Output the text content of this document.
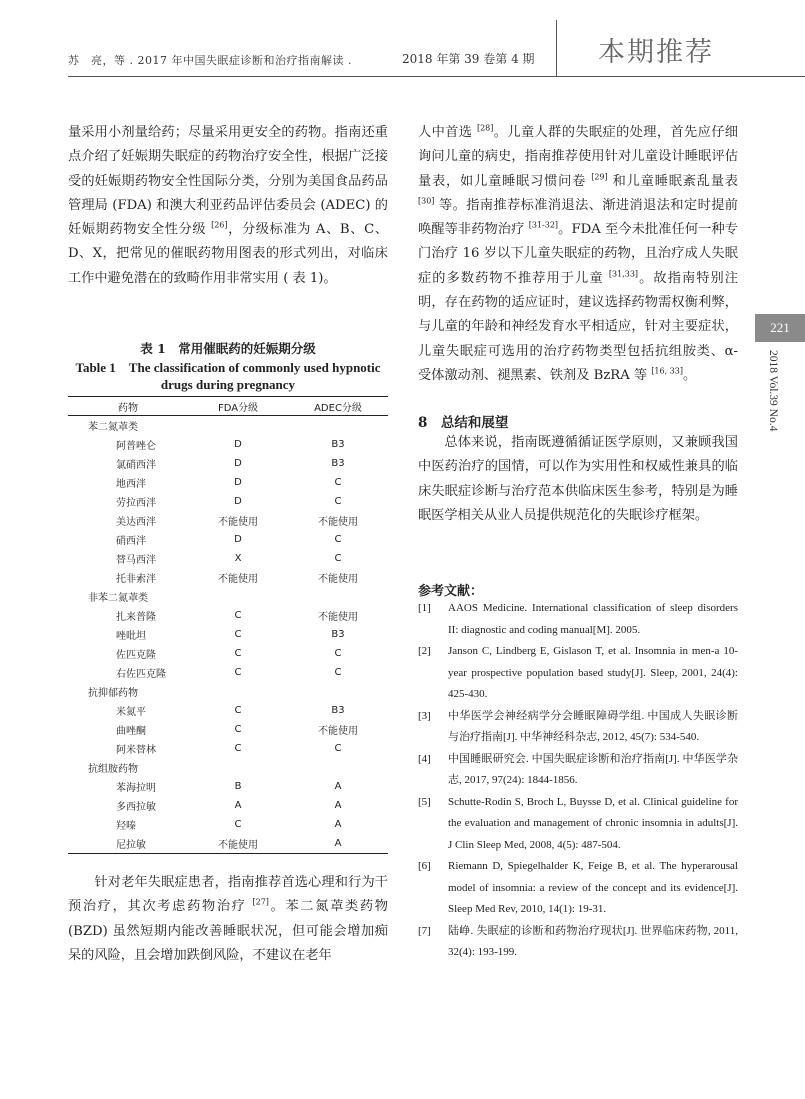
苏　亮，等 . 2017 年中国失眠症诊断和治疗指南解读 .	2018 年第 39 卷第 4 期 本期推荐

量采用小剂量给药；尽量采用更安全的药物。指南还重点介绍了妊娠期失眠症的药物治疗安全性，根据广泛接受的妊娠期药物安全性国际分类，分别为美国食品药品管理局 (FDA) 和澳大利亚药品评估委员会 (ADEC) 的妊娠期药物安全性分级 [26]，分级标准为 A、B、C、D、X，把常见的催眠药物用图表的形式列出，对临床工作中避免潜在的致畸作用非常实用 ( 表 1)。

表 1　常用催眠药的妊娠期分级
Table 1　The classification of commonly used hypnotic drugs during pregnancy
药物	FDA分级	ADEC分级
苯二氮䓬类		
阿普唑仑	D	B3
氯硝西泮	D	B3
地西泮	D	C
劳拉西泮	D	C
美达西泮	不能使用	不能使用
硝西泮	D	C
替马西泮	X	C
托非索泮	不能使用	不能使用
非苯二氮䓬类		
扎来普隆	C	不能使用
唑吡坦	C	B3
佐匹克隆	C	C
右佐匹克隆	C	C
抗抑郁药物		
米氮平	C	B3
曲唑酮	C	不能使用
阿米替林	C	C
抗组胺药物		
苯海拉明	B	A
多西拉敏	A	A
羟嗪	C	A
尼拉敏	不能使用	A

针对老年失眠症患者，指南推荐首选心理和行为干预治疗，其次考虑药物治疗 [27]。苯二氮䓬类药物 (BZD) 虽然短期内能改善睡眠状况，但可能会增加痴呆的风险，且会增加跌倒风险，不建议在老年

人中首选 [28]。儿童人群的失眠症的处理，首先应仔细询问儿童的病史，指南推荐使用针对儿童设计睡眠评估量表，如儿童睡眠习惯问卷 [29] 和儿童睡眠紊乱量表 [30] 等。指南推荐标准消退法、渐进消退法和定时提前唤醒等非药物治疗 [31-32]。FDA 至今未批准任何一种专门治疗 16 岁以下儿童失眠症的药物，且治疗成人失眠症的多数药物不推荐用于儿童 [31,33]。故指南特别注明，存在药物的适应证时，建议选择药物需权衡利弊，与儿童的年龄和神经发育水平相适应，针对主要症状，儿童失眠症可选用的治疗药物类型包括抗组胺类、α- 受体激动剂、褪黑素、铁剂及 BzRA 等 [16, 33]。

8　总结和展望

总体来说，指南既遵循循证医学原则，又兼顾我国中医药治疗的国情，可以作为实用性和权威性兼具的临床失眠症诊断与治疗范本供临床医生参考，特别是为睡眠医学相关从业人员提供规范化的失眠诊疗框架。

参考文献：
[1]	AAOS Medicine. International classification of sleep disorders II: diagnostic and coding manual[M]. 2005.
[2]	Janson C, Lindberg E, Gislason T, et al. Insomnia in men-a 10-year prospective population based study[J]. Sleep, 2001, 24(4): 425-430.
[3]	中华医学会神经病学分会睡眠障碍学组. 中国成人失眠诊断与治疗指南[J]. 中华神经科杂志, 2012, 45(7): 534-540.
[4]	中国睡眠研究会. 中国失眠症诊断和治疗指南[J]. 中华医学杂志, 2017, 97(24): 1844-1856.
[5]	Schutte-Rodin S, Broch L, Buysse D, et al. Clinical guideline for the evaluation and management of chronic insomnia in adults[J]. J Clin Sleep Med, 2008, 4(5): 487-504.
[6]	Riemann D, Spiegelhalder K, Feige B, et al. The hyperarousal model of insomnia: a review of the concept and its evidence[J]. Sleep Med Rev, 2010, 14(1): 19-31.
[7]	陆峥. 失眠症的诊断和药物治疗现状[J]. 世界临床药物, 2011, 32(4): 193-199.
221
2018 Vol.39 No.4
